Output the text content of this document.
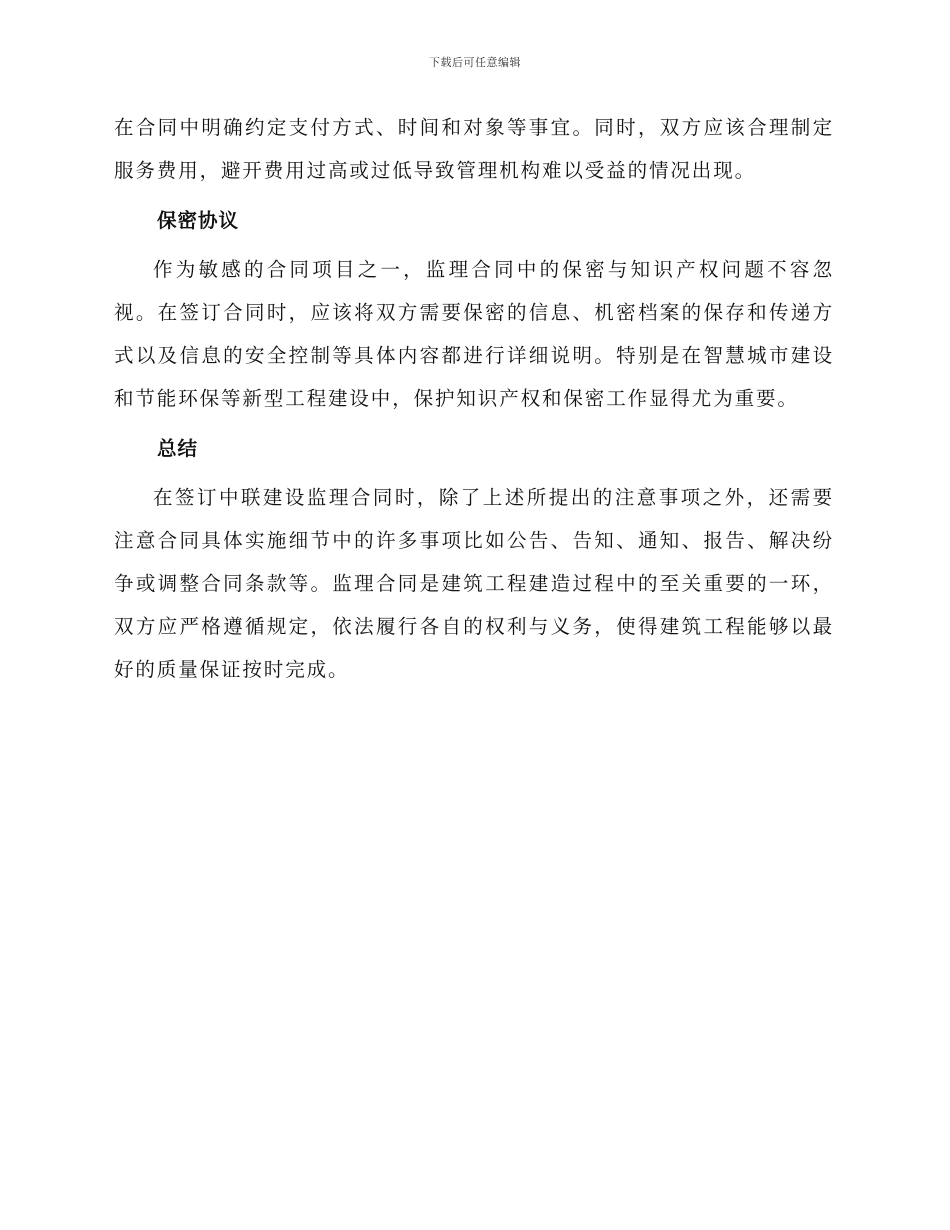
下载后可任意编辑

在合同中明确约定支付方式、时间和对象等事宜。同时，双方应该合理制定服务费用，避开费用过高或过低导致管理机构难以受益的情况出现。

保密协议

作为敏感的合同项目之一，监理合同中的保密与知识产权问题不容忽视。在签订合同时，应该将双方需要保密的信息、机密档案的保存和传递方式以及信息的安全控制等具体内容都进行详细说明。特别是在智慧城市建设和节能环保等新型工程建设中，保护知识产权和保密工作显得尤为重要。

总结

在签订中联建设监理合同时，除了上述所提出的注意事项之外，还需要注意合同具体实施细节中的许多事项比如公告、告知、通知、报告、解决纷争或调整合同条款等。监理合同是建筑工程建造过程中的至关重要的一环，双方应严格遵循规定，依法履行各自的权利与义务，使得建筑工程能够以最好的质量保证按时完成。
